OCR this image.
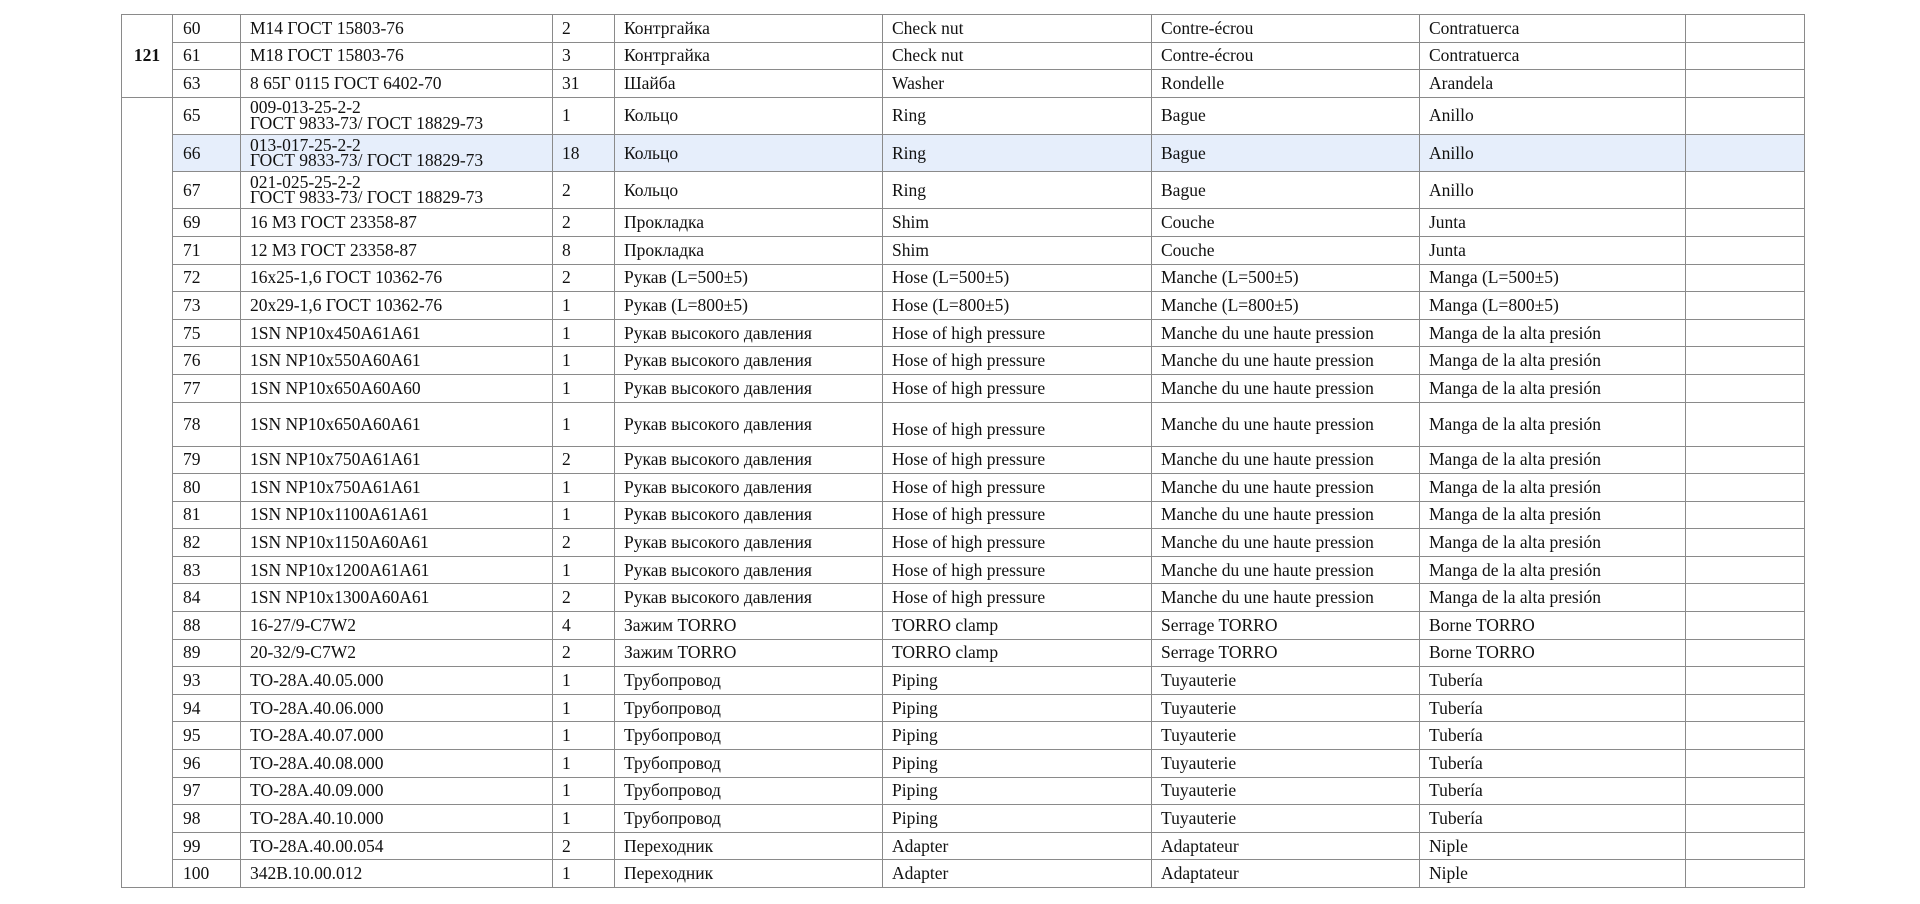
121	60	М14 ГОСТ 15803-76	2	Контргайка	Check nut	Contre-écrou	Contratuerca	
	61	М18 ГОСТ 15803-76	3	Контргайка	Check nut	Contre-écrou	Contratuerca	
	63	8 65Г 0115 ГОСТ 6402-70	31	Шайба	Washer	Rondelle	Arandela	
	65	009-013-25-2-2
ГОСТ 9833-73/ ГОСТ 18829-73	1	Кольцо	Ring	Bague	Anillo	
	66	013-017-25-2-2
ГОСТ 9833-73/ ГОСТ 18829-73	18	Кольцо	Ring	Bague	Anillo	
	67	021-025-25-2-2
ГОСТ 9833-73/ ГОСТ 18829-73	2	Кольцо	Ring	Bague	Anillo	
	69	16 М3 ГОСТ 23358-87	2	Прокладка	Shim	Couche	Junta	
	71	12 М3 ГОСТ 23358-87	8	Прокладка	Shim	Couche	Junta	
	72	16x25-1,6 ГОСТ 10362-76	2	Рукав (L=500±5)	Hose (L=500±5)	Manche (L=500±5)	Manga (L=500±5)	
	73	20x29-1,6 ГОСТ 10362-76	1	Рукав (L=800±5)	Hose (L=800±5)	Manche (L=800±5)	Manga (L=800±5)	
	75	1SN NP10x450A61A61	1	Рукав высокого давления	Hose of high pressure	Manche du une haute pression	Manga de la alta presión	
	76	1SN NP10x550A60A61	1	Рукав высокого давления	Hose of high pressure	Manche du une haute pression	Manga de la alta presión	
	77	1SN NP10x650A60A60	1	Рукав высокого давления	Hose of high pressure	Manche du une haute pression	Manga de la alta presión	
	78	1SN NP10x650A60A61	1	Рукав высокого давления	Hose of high pressure	Manche du une haute pression	Manga de la alta presión	
	79	1SN NP10x750A61A61	2	Рукав высокого давления	Hose of high pressure	Manche du une haute pression	Manga de la alta presión	
	80	1SN NP10x750A61A61	1	Рукав высокого давления	Hose of high pressure	Manche du une haute pression	Manga de la alta presión	
	81	1SN NP10x1100A61A61	1	Рукав высокого давления	Hose of high pressure	Manche du une haute pression	Manga de la alta presión	
	82	1SN NP10x1150A60A61	2	Рукав высокого давления	Hose of high pressure	Manche du une haute pression	Manga de la alta presión	
	83	1SN NP10x1200A61A61	1	Рукав высокого давления	Hose of high pressure	Manche du une haute pression	Manga de la alta presión	
	84	1SN NP10x1300A60A61	2	Рукав высокого давления	Hose of high pressure	Manche du une haute pression	Manga de la alta presión	
	88	16-27/9-C7W2	4	Зажим TORRO	TORRO clamp	Serrage TORRO	Borne TORRO	
	89	20-32/9-C7W2	2	Зажим TORRO	TORRO clamp	Serrage TORRO	Borne TORRO	
	93	ТО-28А.40.05.000	1	Трубопровод	Piping	Tuyauterie	Tubería	
	94	ТО-28А.40.06.000	1	Трубопровод	Piping	Tuyauterie	Tubería	
	95	ТО-28А.40.07.000	1	Трубопровод	Piping	Tuyauterie	Tubería	
	96	ТО-28А.40.08.000	1	Трубопровод	Piping	Tuyauterie	Tubería	
	97	ТО-28А.40.09.000	1	Трубопровод	Piping	Tuyauterie	Tubería	
	98	ТО-28А.40.10.000	1	Трубопровод	Piping	Tuyauterie	Tubería	
	99	ТО-28А.40.00.054	2	Переходник	Adapter	Adaptateur	Niple	
	100	342В.10.00.012	1	Переходник	Adapter	Adaptateur	Niple	
